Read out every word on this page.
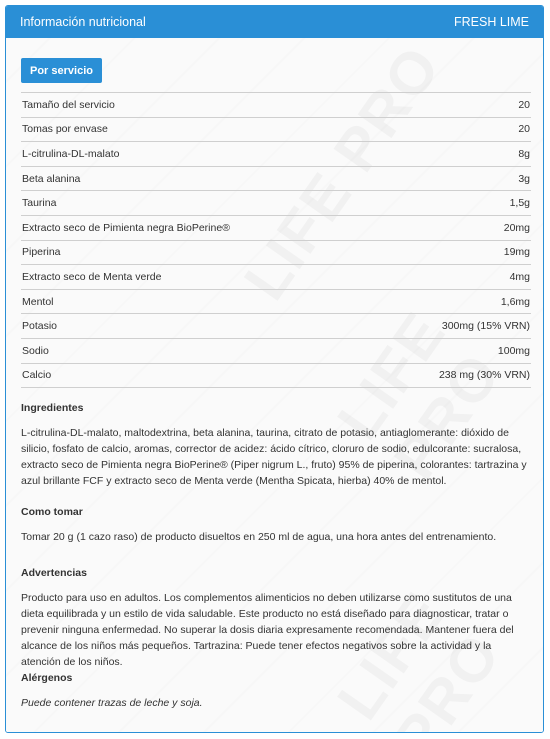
Información nutricional	FRESH LIME
Por servicio
Tamaño del servicio	20
Tomas por envase	20
L-citrulina-DL-malato	8g
Beta alanina	3g
Taurina	1,5g
Extracto seco de Pimienta negra BioPerine®	20mg
Piperina	19mg
Extracto seco de Menta verde	4mg
Mentol	1,6mg
Potasio	300mg (15% VRN)
Sodio	100mg
Calcio	238 mg (30% VRN)
Ingredientes

L-citrulina-DL-malato, maltodextrina, beta alanina, taurina, citrato de potasio, antiaglomerante: dióxido de silicio, fosfato de calcio, aromas, corrector de acidez: ácido cítrico, cloruro de sodio, edulcorante: sucralosa, extracto seco de Pimienta negra BioPerine® (Piper nigrum L., fruto) 95% de piperina, colorantes: tartrazina y azul brillante FCF y extracto seco de Menta verde (Mentha Spicata, hierba) 40% de mentol.

Como tomar

Tomar 20 g (1 cazo raso) de producto disueltos en 250 ml de agua, una hora antes del entrenamiento.

Advertencias

Producto para uso en adultos. Los complementos alimenticios no deben utilizarse como sustitutos de una dieta equilibrada y un estilo de vida saludable. Este producto no está diseñado para diagnosticar, tratar o prevenir ninguna enfermedad. No superar la dosis diaria expresamente recomendada. Mantener fuera del alcance de los niños más pequeños. Tartrazina: Puede tener efectos negativos sobre la actividad y la atención de los niños.

Alérgenos

Puede contener trazas de leche y soja.
